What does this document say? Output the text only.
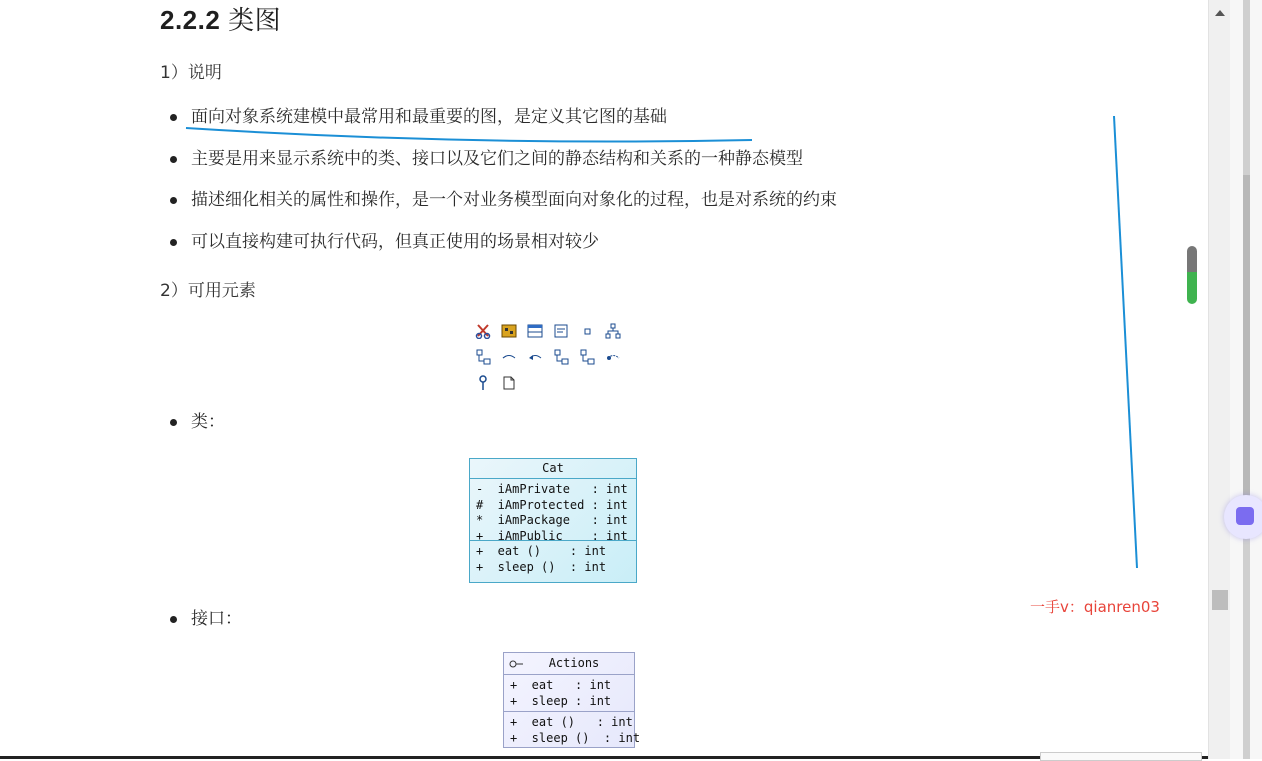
2.2.2 类图
1）说明
面向对象系统建模中最常用和最重要的图，是定义其它图的基础
主要是用来显示系统中的类、接口以及它们之间的静态结构和关系的一种静态模型
描述细化相关的属性和操作，是一个对业务模型面向对象化的过程，也是对系统的约束
可以直接构建可执行代码，但真正使用的场景相对较少
2）可用元素
类：
Cat
-  iAmPrivate   : int
#  iAmProtected : int
*  iAmPackage   : int
+  iAmPublic    : int
+  eat ()    : int
+  sleep ()  : int
接口：
Actions
+  eat   : int
+  sleep : int
+  eat ()   : int
+  sleep ()  : int
一手v：qianren03
